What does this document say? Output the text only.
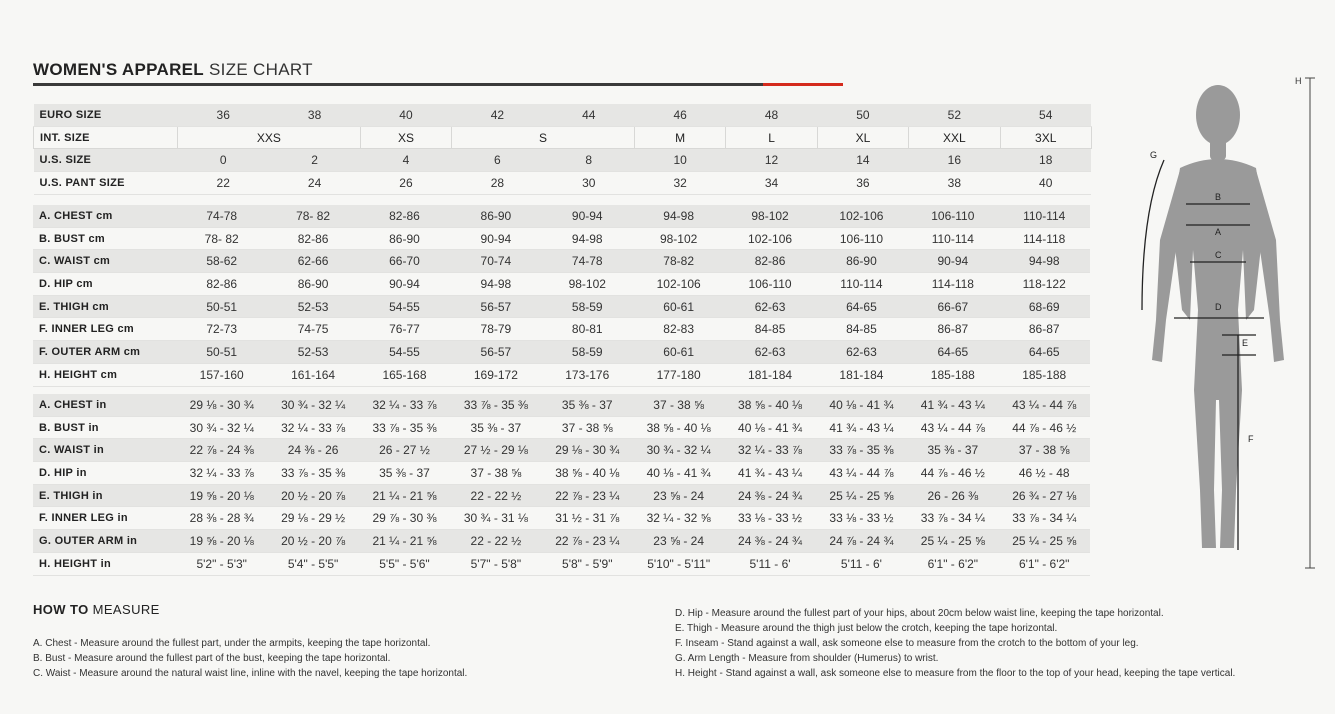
WOMEN'S APPAREL SIZE CHART
EURO SIZE	36	38	40	42	44	46	48	50	52	54
INT. SIZE	XXS		XS	S		M	L	XL	XXL	3XL
U.S. SIZE	0	2	4	6	8	10	12	14	16	18
U.S. PANT SIZE	22	24	26	28	30	32	34	36	38	40
A. CHEST cm	74-78	78- 82	82-86	86-90	90-94	94-98	98-102	102-106	106-110	110-114
B. BUST cm	78- 82	82-86	86-90	90-94	94-98	98-102	102-106	106-110	110-114	114-118
C. WAIST cm	58-62	62-66	66-70	70-74	74-78	78-82	82-86	86-90	90-94	94-98
D. HIP cm	82-86	86-90	90-94	94-98	98-102	102-106	106-110	110-114	114-118	118-122
E. THIGH cm	50-51	52-53	54-55	56-57	58-59	60-61	62-63	64-65	66-67	68-69
F. INNER LEG cm	72-73	74-75	76-77	78-79	80-81	82-83	84-85	84-85	86-87	86-87
F. OUTER ARM cm	50-51	52-53	54-55	56-57	58-59	60-61	62-63	62-63	64-65	64-65
H. HEIGHT cm	157-160	161-164	165-168	169-172	173-176	177-180	181-184	181-184	185-188	185-188
A. CHEST in	29 ⅛ - 30 ¾	30 ¾ - 32 ¼	32 ¼ - 33 ⅞	33 ⅞ - 35 ⅜	35 ⅜ - 37	37 - 38 ⅝	38 ⅝ - 40 ⅛	40 ⅛ - 41 ¾	41 ¾ - 43 ¼	43 ¼ - 44 ⅞
B. BUST in	30 ¾ - 32 ¼	32 ¼ - 33 ⅞	33 ⅞ - 35 ⅜	35 ⅜ - 37	37 - 38 ⅝	38 ⅝ - 40 ⅛	40 ⅛ - 41 ¾	41 ¾ - 43 ¼	43 ¼ - 44 ⅞	44 ⅞ - 46 ½
C. WAIST in	22 ⅞ - 24 ⅜	24 ⅜ - 26	26 - 27 ½	27 ½ - 29 ⅛	29 ⅛ - 30 ¾	30 ¾ - 32 ¼	32 ¼ - 33 ⅞	33 ⅞ - 35 ⅜	35 ⅜ - 37	37 - 38 ⅝
D. HIP in	32 ¼ - 33 ⅞	33 ⅞ - 35 ⅜	35 ⅜ - 37	37 - 38 ⅝	38 ⅝ - 40 ⅛	40 ⅛ - 41 ¾	41 ¾ - 43 ¼	43 ¼ - 44 ⅞	44 ⅞ - 46 ½	46 ½ - 48
E. THIGH in	19 ⅝ - 20 ⅛	20 ½ - 20 ⅞	21 ¼ - 21 ⅝	22 - 22 ½	22 ⅞ - 23 ¼	23 ⅝ - 24	24 ⅜ - 24 ¾	25 ¼ - 25 ⅝	26 - 26 ⅜	26 ¾ - 27 ⅛
F. INNER LEG in	28 ⅜ - 28 ¾	29 ⅛ - 29 ½	29 ⅞ - 30 ⅜	30 ¾ - 31 ⅛	31 ½ - 31 ⅞	32 ¼ - 32 ⅝	33 ⅛ - 33 ½	33 ⅛ - 33 ½	33 ⅞ - 34 ¼	33 ⅞ - 34 ¼
G. OUTER ARM in	19 ⅝ - 20 ⅛	20 ½ - 20 ⅞	21 ¼ - 21 ⅝	22 - 22 ½	22 ⅞ - 23 ¼	23 ⅝ - 24	24 ⅜ - 24 ¾	24 ⅞ - 24 ¾	25 ¼ - 25 ⅝	25 ¼ - 25 ⅝
H. HEIGHT in	5'2" - 5'3"	5'4" - 5'5"	5'5" - 5'6"	5'7" - 5'8"	5'8" - 5'9"	5'10" - 5'11"	5'11 - 6'	5'11 - 6'	6'1" - 6'2"	6'1" - 6'2"
H
B
A
C
D
E
F
G
HOW TO MEASURE
A. Chest - Measure around the fullest part, under the armpits, keeping the tape horizontal.
B. Bust - Measure around the fullest part of the bust, keeping the tape horizontal.
C. Waist - Measure around the natural waist line, inline with the navel, keeping the tape horizontal.
D. Hip - Measure around the fullest part of your hips, about 20cm below waist line, keeping the tape horizontal.
E. Thigh - Measure around the thigh just below the crotch, keeping the tape horizontal.
F. Inseam - Stand against a wall, ask someone else to measure from the crotch to the bottom of your leg.
G. Arm Length - Measure from shoulder (Humerus) to wrist.
H. Height - Stand against a wall, ask someone else to measure from the floor to the top of your head, keeping the tape vertical.
